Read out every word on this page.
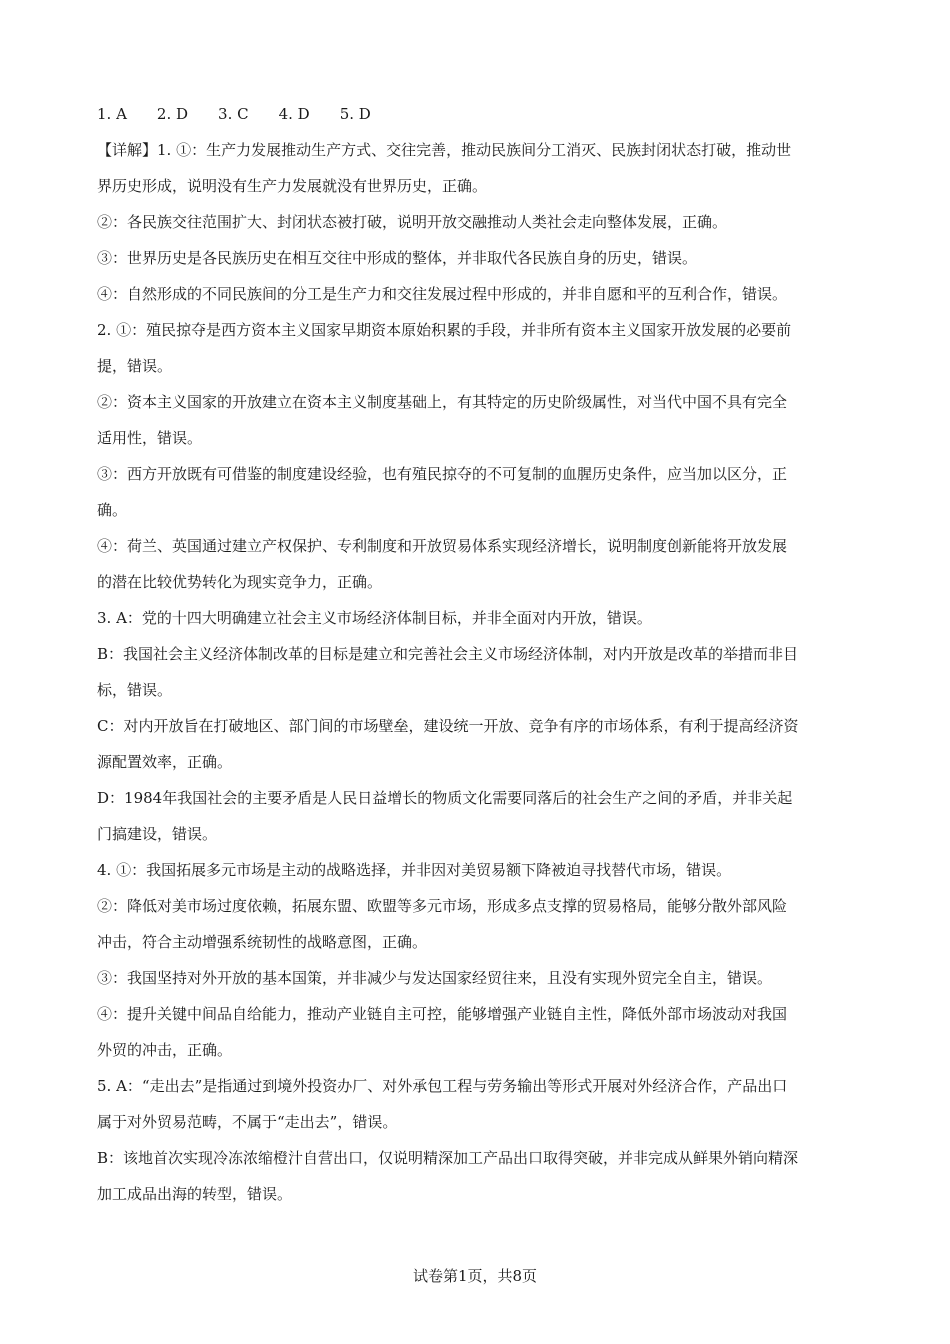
1. A 2. D 3. C 4. D 5. D
【详解】1. ①：生产力发展推动生产方式、交往完善，推动民族间分工消灭、民族封闭状态打破，推动世
界历史形成，说明没有生产力发展就没有世界历史，正确。
②：各民族交往范围扩大、封闭状态被打破，说明开放交融推动人类社会走向整体发展，正确。
③：世界历史是各民族历史在相互交往中形成的整体，并非取代各民族自身的历史，错误。
④：自然形成的不同民族间的分工是生产力和交往发展过程中形成的，并非自愿和平的互利合作，错误。
2. ①：殖民掠夺是西方资本主义国家早期资本原始积累的手段，并非所有资本主义国家开放发展的必要前
提，错误。
②：资本主义国家的开放建立在资本主义制度基础上，有其特定的历史阶级属性，对当代中国不具有完全
适用性，错误。
③：西方开放既有可借鉴的制度建设经验，也有殖民掠夺的不可复制的血腥历史条件，应当加以区分，正
确。
④：荷兰、英国通过建立产权保护、专利制度和开放贸易体系实现经济增长，说明制度创新能将开放发展
的潜在比较优势转化为现实竞争力，正确。
3. A：党的十四大明确建立社会主义市场经济体制目标，并非全面对内开放，错误。
B：我国社会主义经济体制改革的目标是建立和完善社会主义市场经济体制，对内开放是改革的举措而非目
标，错误。
C：对内开放旨在打破地区、部门间的市场壁垒，建设统一开放、竞争有序的市场体系，有利于提高经济资
源配置效率，正确。
D：1984年我国社会的主要矛盾是人民日益增长的物质文化需要同落后的社会生产之间的矛盾，并非关起
门搞建设，错误。
4. ①：我国拓展多元市场是主动的战略选择，并非因对美贸易额下降被迫寻找替代市场，错误。
②：降低对美市场过度依赖，拓展东盟、欧盟等多元市场，形成多点支撑的贸易格局，能够分散外部风险
冲击，符合主动增强系统韧性的战略意图，正确。
③：我国坚持对外开放的基本国策，并非减少与发达国家经贸往来，且没有实现外贸完全自主，错误。
④：提升关键中间品自给能力，推动产业链自主可控，能够增强产业链自主性，降低外部市场波动对我国
外贸的冲击，正确。
5. A：“走出去”是指通过到境外投资办厂、对外承包工程与劳务输出等形式开展对外经济合作，产品出口
属于对外贸易范畴，不属于“走出去”，错误。
B：该地首次实现冷冻浓缩橙汁自营出口，仅说明精深加工产品出口取得突破，并非完成从鲜果外销向精深
加工成品出海的转型，错误。
试卷第1页，共8页
